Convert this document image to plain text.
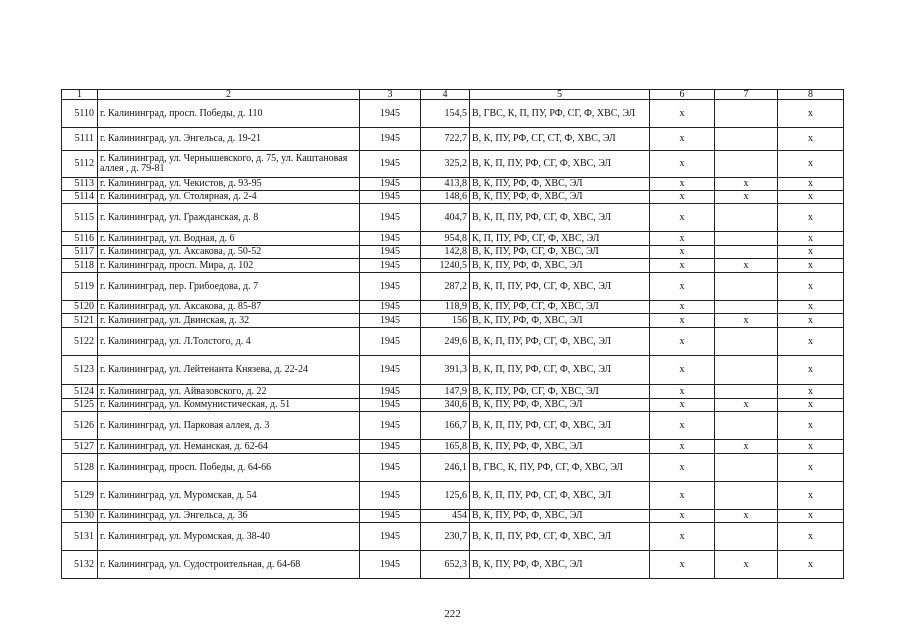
1	2	3	4	5	6	7	8
5110	г. Калининград, просп. Победы, д. 110	1945	154,5	В, ГВС, К, П, ПУ, РФ, СГ, Ф, ХВС, ЭЛ	х		х
5111	г. Калининград, ул. Энгельса, д. 19-21	1945	722,7	В, К, ПУ, РФ, СГ, СТ, Ф, ХВС, ЭЛ	х		х
5112	г. Калининград, ул. Чернышевского, д. 75, ул. Каштановая аллея , д. 79-81	1945	325,2	В, К, П, ПУ, РФ, СГ, Ф, ХВС, ЭЛ	х		х
5113	г. Калининград, ул. Чекистов, д. 93-95	1945	413,8	В, К, ПУ, РФ, Ф, ХВС, ЭЛ	х	х	х
5114	г. Калининград, ул. Столярная, д. 2-4	1945	148,6	В, К, ПУ, РФ, Ф, ХВС, ЭЛ	х	х	х
5115	г. Калининград, ул. Гражданская, д. 8	1945	404,7	В, К, П, ПУ, РФ, СГ, Ф, ХВС, ЭЛ	х		х
5116	г. Калининград, ул. Водная, д. 6	1945	954,8	К, П, ПУ, РФ, СГ, Ф, ХВС, ЭЛ	х		х
5117	г. Калининград, ул. Аксакова, д. 50-52	1945	142,8	В, К, ПУ, РФ, СГ, Ф, ХВС, ЭЛ	х		х
5118	г. Калининград, просп. Мира, д. 102	1945	1240,5	В, К, ПУ, РФ, Ф, ХВС, ЭЛ	х	х	х
5119	г. Калининград, пер. Грибоедова, д. 7	1945	287,2	В, К, П, ПУ, РФ, СГ, Ф, ХВС, ЭЛ	х		х
5120	г. Калининград, ул. Аксакова, д. 85-87	1945	118,9	В, К, ПУ, РФ, СГ, Ф, ХВС, ЭЛ	х		х
5121	г. Калининград, ул. Двинская, д. 32	1945	156	В, К, ПУ, РФ, Ф, ХВС, ЭЛ	х	х	х
5122	г. Калининград, ул. Л.Толстого, д. 4	1945	249,6	В, К, П, ПУ, РФ, СГ, Ф, ХВС, ЭЛ	х		х
5123	г. Калининград, ул. Лейтенанта Князева, д. 22-24	1945	391,3	В, К, П, ПУ, РФ, СГ, Ф, ХВС, ЭЛ	х		х
5124	г. Калининград, ул. Айвазовского, д. 22	1945	147,9	В, К, ПУ, РФ, СГ, Ф, ХВС, ЭЛ	х		х
5125	г. Калининград, ул. Коммунистическая, д. 51	1945	340,6	В, К, ПУ, РФ, Ф, ХВС, ЭЛ	х	х	х
5126	г. Калининград, ул. Парковая аллея, д. 3	1945	166,7	В, К, П, ПУ, РФ, СГ, Ф, ХВС, ЭЛ	х		х
5127	г. Калининград, ул. Неманская, д. 62-64	1945	165,8	В, К, ПУ, РФ, Ф, ХВС, ЭЛ	х	х	х
5128	г. Калининград, просп. Победы, д. 64-66	1945	246,1	В, ГВС, К, ПУ, РФ, СГ, Ф, ХВС, ЭЛ	х		х
5129	г. Калининград, ул. Муромская, д. 54	1945	125,6	В, К, П, ПУ, РФ, СГ, Ф, ХВС, ЭЛ	х		х
5130	г. Калининград, ул. Энгельса, д. 36	1945	454	В, К, ПУ, РФ, Ф, ХВС, ЭЛ	х	х	х
5131	г. Калининград, ул. Муромская, д. 38-40	1945	230,7	В, К, П, ПУ, РФ, СГ, Ф, ХВС, ЭЛ	х		х
5132	г. Калининград, ул. Судостроительная, д. 64-68	1945	652,3	В, К, ПУ, РФ, Ф, ХВС, ЭЛ	х	х	х
222
